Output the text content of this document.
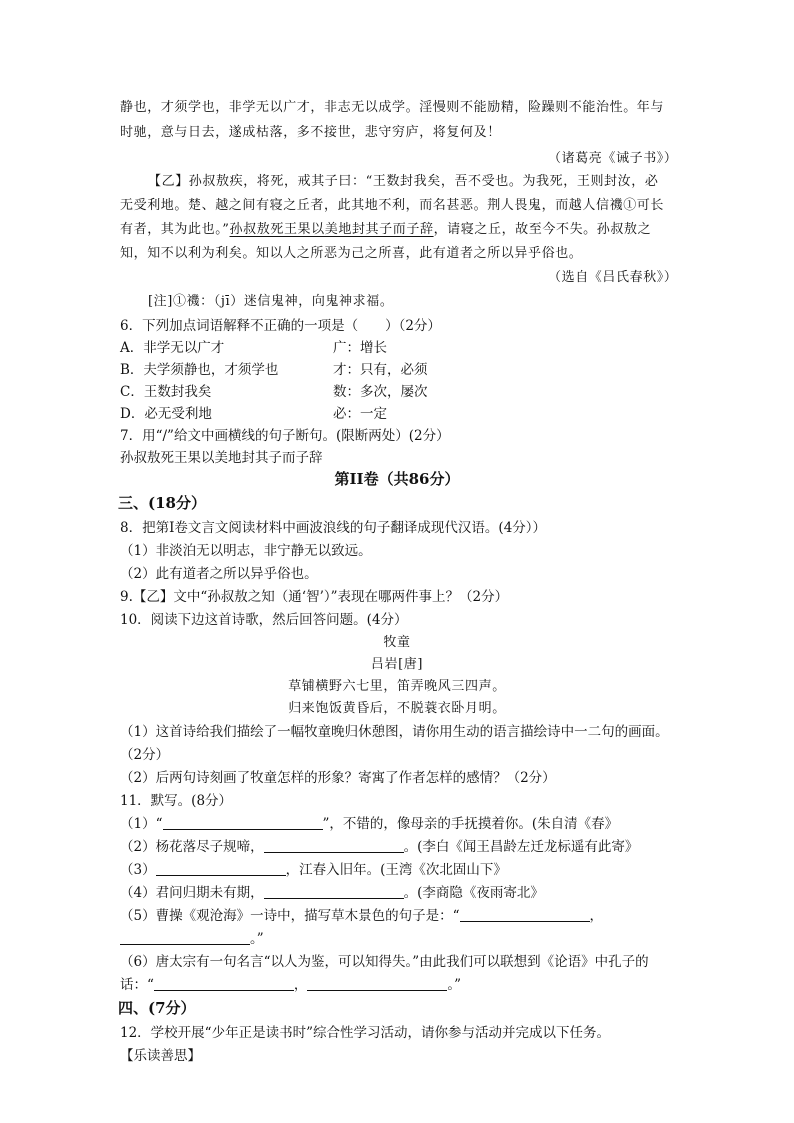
静也，才须学也，非学无以广才，非志无以成学。淫慢则不能励精，险躁则不能治性。年与
时驰，意与日去，遂成枯落，多不接世，悲守穷庐，将复何及！
（诸葛亮《诫子书》）
【乙】孙叔敖疾，将死，戒其子曰：“王数封我矣，吾不受也。为我死，王则封汝，必
无受利地。楚、越之间有寝之丘者，此其地不利，而名甚恶。荆人畏鬼，而越人信禨①可长
有者，其为此也。”孙叔敖死王果以美地封其子而子辞，请寝之丘，故至今不失。孙叔敖之
知，知不以利为利矣。知以人之所恶为己之所喜，此有道者之所以异乎俗也。
（选自《吕氏春秋》）
[注]①禨：（jī）迷信鬼神，向鬼神求福。
6．下列加点词语解释不正确的一项是（　　）（2分）
A．非学无以广才	广：增长
B．夫学须静也，才须学也	才：只有，必须
C．王数封我矣	数：多次，屡次
D．必无受利地	必：一定
7．用“/”给文中画横线的句子断句。(限断两处）(2分）
孙叔敖死王果以美地封其子而子辞
第II卷（共86分）
三、(18分）
8．把第Ⅰ卷文言文阅读材料中画波浪线的句子翻译成现代汉语。(4分））
（1）非淡泊无以明志，非宁静无以致远。
（2）此有道者之所以异乎俗也。
9.【乙】文中“孙叔敖之知（通‘智’）”表现在哪两件事上？（2分）
10．阅读下边这首诗歌，然后回答问题。(4分）
牧童
吕岩[唐]
草铺横野六七里，笛弄晚风三四声。
归来饱饭黄昏后，不脱蓑衣卧月明。
（1）这首诗给我们描绘了一幅牧童晚归休憩图，请你用生动的语言描绘诗中一二句的画面。
（2分）
（2）后两句诗刻画了牧童怎样的形象？寄寓了作者怎样的感情？（2分）
11．默写。(8分）
（1）“	”，不错的，像母亲的手抚摸着你。(朱自清《春》
（2）杨花落尽子规啼，	。(李白《闻王昌龄左迁龙标遥有此寄》
（3）	，江春入旧年。(王湾《次北固山下》
（4）君问归期未有期，	。(李商隐《夜雨寄北》
（5）曹操《观沧海》一诗中，描写草木景色的句子是：“	，
。”
（6）唐太宗有一句名言“以人为鉴，可以知得失。”由此我们可以联想到《论语》中孔子的
话：“	，	。”
四、(7分）
12．学校开展“少年正是读书时”综合性学习活动，请你参与活动并完成以下任务。
【乐读善思】
